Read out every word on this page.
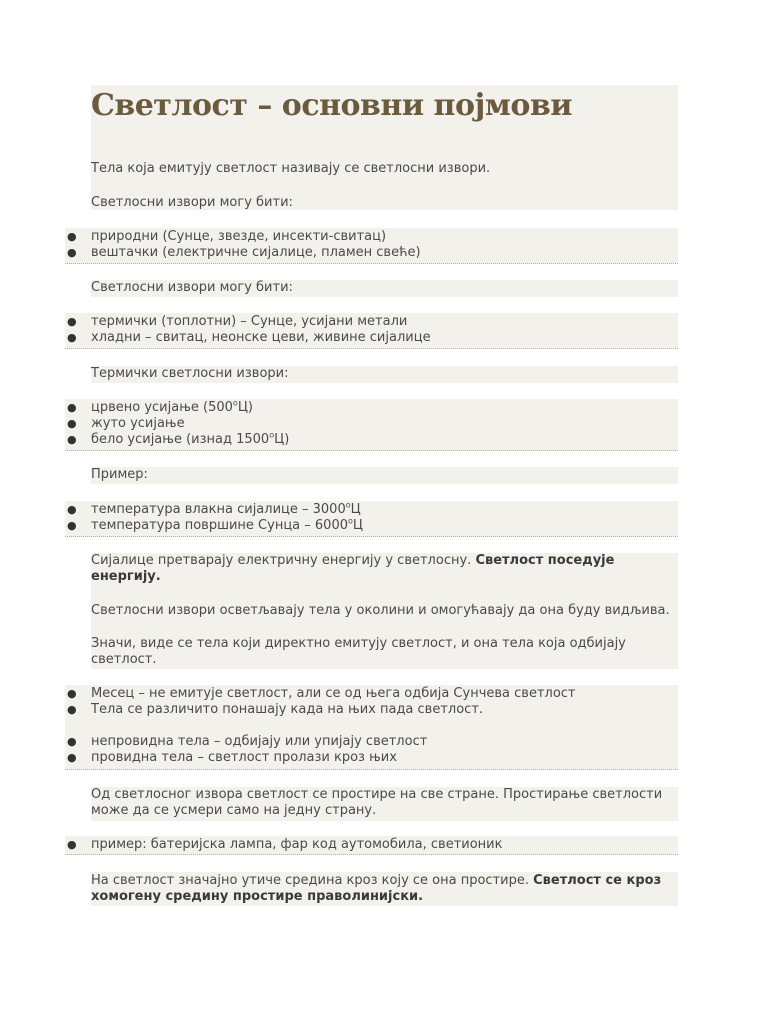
Светлост – основни појмови
Тела која емитују светлост називају се светлосни извори.
Светлосни извори могу бити:
● природни (Сунце, звезде, инсекти-свитац)
● вештачки (електричне сијалице, пламен свеће)
Светлосни извори могу бити:
● термички (топлотни) – Сунце, усијани метали
● хладни – свитац, неонске цеви, живине сијалице
Термички светлосни извори:
● црвено усијање (500$^o$Ц)
● жуто усијање
● бело усијање (изнад 1500$^o$Ц)
Пример:
● температура влакна сијалице – 3000$^o$Ц
● температура површине Сунца – 6000$^o$Ц
Сијалице претварају електричну енергију у светлосну. Светлост поседује енергију.
Светлосни извори осветљавају тела у околини и омогућавају да она буду видљива.
Значи, виде се тела који директно емитују светлост, и она тела која одбијају светлост.
● Месец – не емитује светлост, али се од њега одбија Сунчева светлост
● Тела се различито понашају када на њих пада светлост.
● непровидна тела – одбијају или упијају светлост
● провидна тела – светлост пролази кроз њих
Од светлосног извора светлост се простире на све стране. Простирање светлости може да се усмери само на једну страну.
● пример: батеријска лампа, фар код аутомобила, светионик
На светлост значајно утиче средина кроз коју се она простире. Светлост се кроз хомогену средину простире праволинијски.
